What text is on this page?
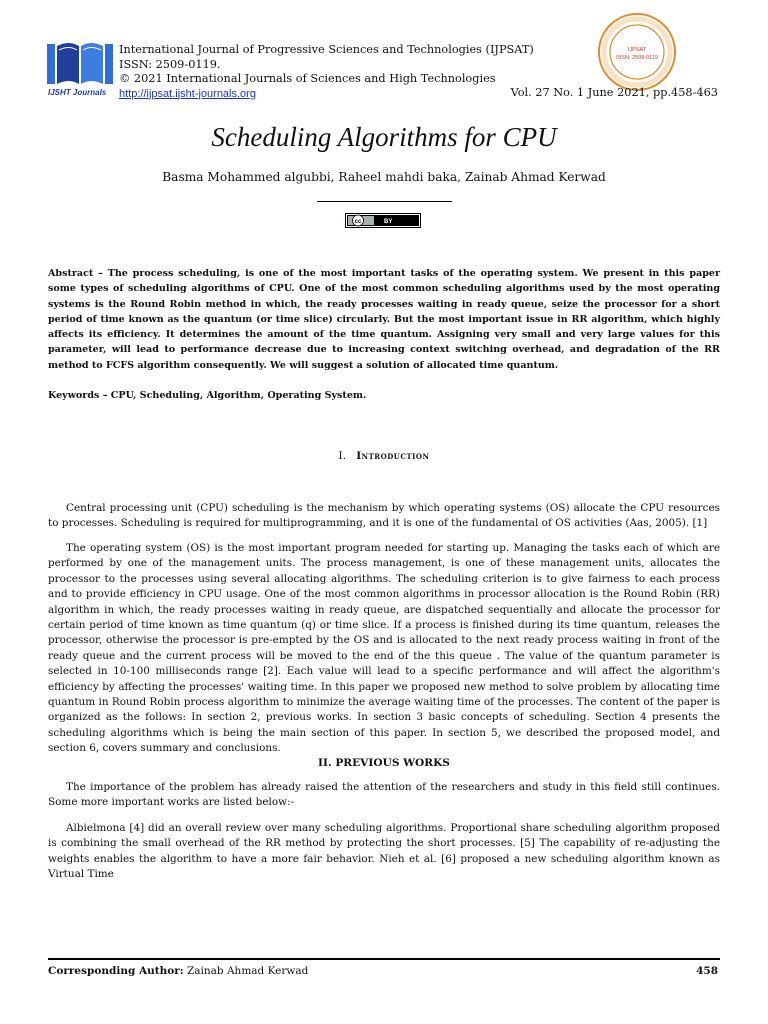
IJSHT Journals
International Journal of Progressive Sciences and Technologies (IJPSAT)
ISSN: 2509-0119.
© 2021 International Journals of Sciences and High Technologies
http://ijpsat.ijsht-journals.org
IJPSAT
ISSN: 2509-0119
Vol. 27 No. 1 June 2021, pp.458-463
Scheduling Algorithms for CPU
Basma Mohammed algubbi, Raheel mahdi baka, Zainab Ahmad Kerwad
cc	BY
Abstract – The process scheduling, is one of the most important tasks of the operating system. We present in this paper some types of scheduling algorithms of CPU. One of the most common scheduling algorithms used by the most operating systems is the Round Robin method in which, the ready processes waiting in ready queue, seize the processor for a short period of time known as the quantum (or time slice) circularly. But the most important issue in RR algorithm, which highly affects its efficiency. It determines the amount of the time quantum. Assigning very small and very large values for this parameter, will lead to performance decrease due to increasing context switching overhead, and degradation of the RR method to FCFS algorithm consequently. We will suggest a solution of allocated time quantum.
Keywords – CPU, Scheduling, Algorithm, Operating System.
I. Introduction
Central processing unit (CPU) scheduling is the mechanism by which operating systems (OS) allocate the CPU resources to processes. Scheduling is required for multiprogramming, and it is one of the fundamental of OS activities (Aas, 2005). [1]
The operating system (OS) is the most important program needed for starting up. Managing the tasks each of which are performed by one of the management units. The process management, is one of these management units, allocates the processor to the processes using several allocating algorithms. The scheduling criterion is to give fairness to each process and to provide efficiency in CPU usage. One of the most common algorithms in processor allocation is the Round Robin (RR) algorithm in which, the ready processes waiting in ready queue, are dispatched sequentially and allocate the processor for certain period of time known as time quantum (q) or time slice. If a process is finished during its time quantum, releases the processor, otherwise the processor is pre-empted by the OS and is allocated to the next ready process waiting in front of the ready queue and the current process will be moved to the end of the this queue . The value of the quantum parameter is selected in 10-100 milliseconds range [2]. Each value will lead to a specific performance and will affect the algorithm's efficiency by affecting the processes' waiting time. In this paper we proposed new method to solve problem by allocating time quantum in Round Robin process algorithm to minimize the average waiting time of the processes. The content of the paper is organized as the follows: In section 2, previous works. In section 3 basic concepts of scheduling. Section 4 presents the scheduling algorithms which is being the main section of this paper. In section 5, we described the proposed model, and section 6, covers summary and conclusions.
II. PREVIOUS WORKS
The importance of the problem has already raised the attention of the researchers and study in this field still continues. Some more important works are listed below:-
Albielmona [4] did an overall review over many scheduling algorithms. Proportional share scheduling algorithm proposed is combining the small overhead of the RR method by protecting the short processes. [5] The capability of re-adjusting the weights enables the algorithm to have a more fair behavior. Nieh et al. [6] proposed a new scheduling algorithm known as Virtual Time
Corresponding Author: Zainab Ahmad Kerwad	458
